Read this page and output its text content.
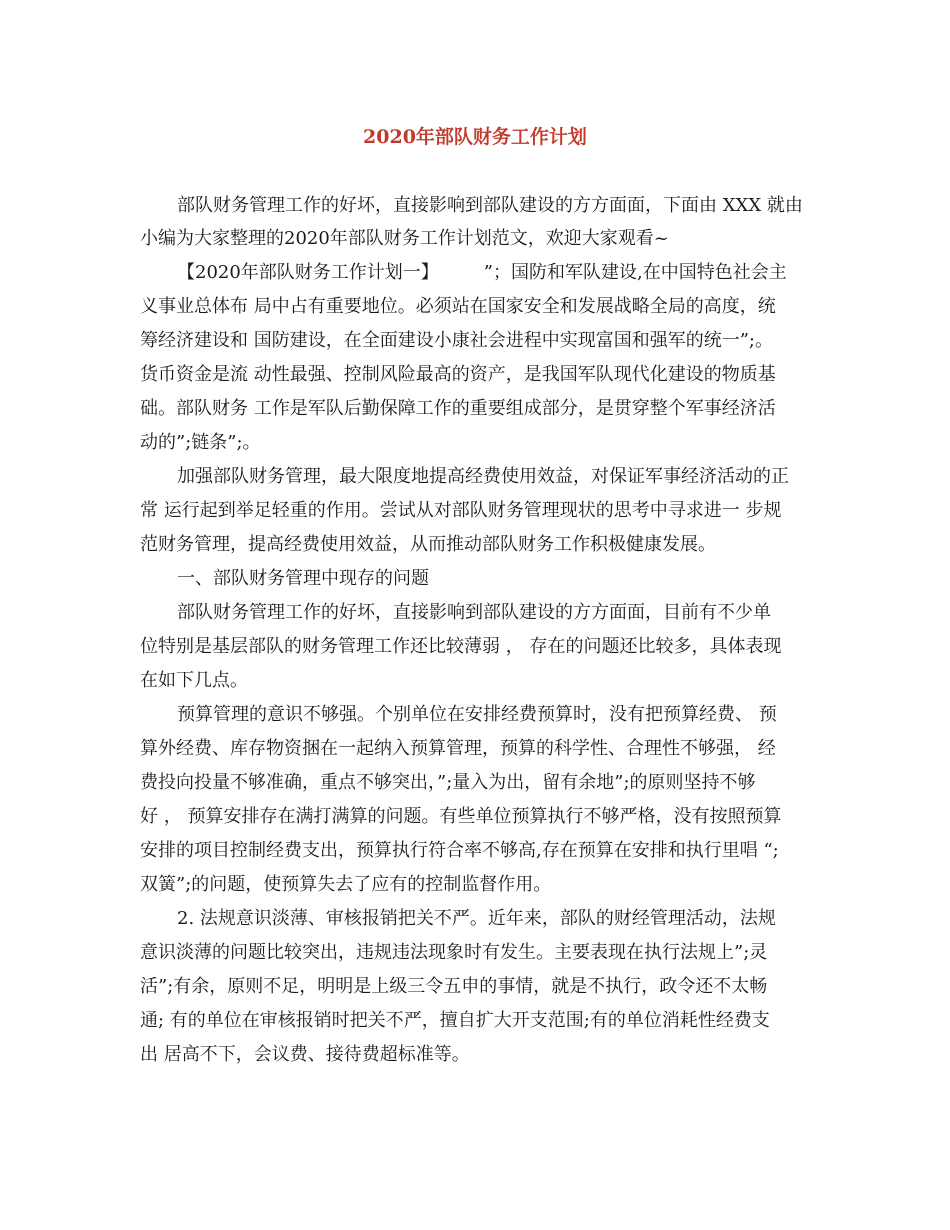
2020年部队财务工作计划
部队财务管理工作的好坏，直接影响到部队建设的方方面面，下面由 XXX 就由
小编为大家整理的2020年部队财务工作计划范文，欢迎大家观看~
【2020年部队财务工作计划一】　　　”；国防和军队建设,在中国特色社会主
义事业总体布 局中占有重要地位。必须站在国家安全和发展战略全局的高度，统
筹经济建设和 国防建设，在全面建设小康社会进程中实现富国和强军的统一”;。
货币资金是流 动性最强、控制风险最高的资产，是我国军队现代化建设的物质基
础。部队财务 工作是军队后勤保障工作的重要组成部分，是贯穿整个军事经济活
动的”;链条”;。
加强部队财务管理，最大限度地提高经费使用效益，对保证军事经济活动的正
常 运行起到举足轻重的作用。尝试从对部队财务管理现状的思考中寻求进一 步规
范财务管理，提高经费使用效益，从而推动部队财务工作积极健康发展。
一、部队财务管理中现存的问题
部队财务管理工作的好坏，直接影响到部队建设的方方面面，目前有不少单
位特别是基层部队的财务管理工作还比较薄弱 ， 存在的问题还比较多，具体表现
在如下几点。
预算管理的意识不够强。个别单位在安排经费预算时，没有把预算经费、 预
算外经费、库存物资捆在一起纳入预算管理，预算的科学性、合理性不够强， 经
费投向投量不够准确，重点不够突出，”;量入为出，留有余地”;的原则坚持不够
好 ， 预算安排存在满打满算的问题。有些单位预算执行不够严格，没有按照预算
安排的项目控制经费支出，预算执行符合率不够高,存在预算在安排和执行里唱 “;
双簧”;的问题，使预算失去了应有的控制监督作用。
2. 法规意识淡薄、审核报销把关不严。近年来，部队的财经管理活动，法规
意识淡薄的问题比较突出，违规违法现象时有发生。主要表现在执行法规上”;灵
活”;有余，原则不足，明明是上级三令五申的事情，就是不执行，政令还不太畅
通; 有的单位在审核报销时把关不严，擅自扩大开支范围;有的单位消耗性经费支
出 居高不下，会议费、接待费超标准等。
